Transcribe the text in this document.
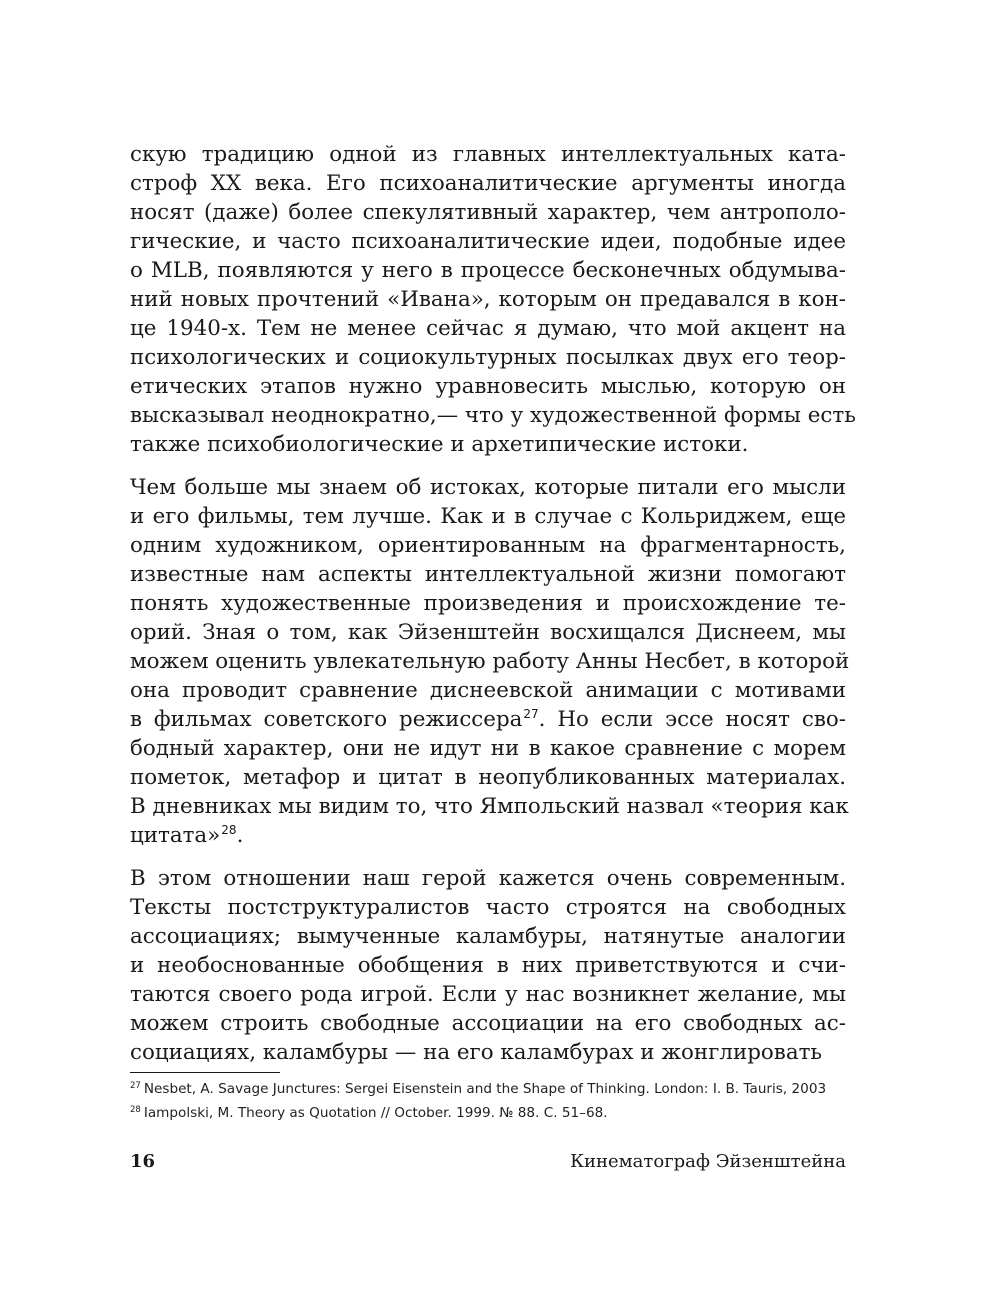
скую традицию одной из главных интеллектуальных ката-
строф XX века. Его психоаналитические аргументы иногда
носят (даже) более спекулятивный характер, чем антрополо-
гические, и часто психоаналитические идеи, подобные идее
о MLB, появляются у него в процессе бесконечных обдумыва-
ний новых прочтений «Ивана», которым он предавался в кон-
це 1940-х. Тем не менее сейчас я думаю, что мой акцент на
психологических и социокультурных посылках двух его теор-
етических этапов нужно уравновесить мыслью, которую он
высказывал неоднократно,— что у художественной формы есть
также психобиологические и архетипические истоки.
Чем больше мы знаем об истоках, которые питали его мысли
и его фильмы, тем лучше. Как и в случае с Кольриджем, еще
одним художником, ориентированным на фрагментарность,
известные нам аспекты интеллектуальной жизни помогают
понять художественные произведения и происхождение те-
орий. Зная о том, как Эйзенштейн восхищался Диснеем, мы
можем оценить увлекательную работу Анны Несбет, в которой
она проводит сравнение диснеевской анимации с мотивами
в фильмах советского режиссера$^{27}$. Но если эссе носят сво-
бодный характер, они не идут ни в какое сравнение с морем
пометок, метафор и цитат в неопубликованных материалах.
В дневниках мы видим то, что Ямпольский назвал «теория как
цитата»$^{28}$.
В этом отношении наш герой кажется очень современным.
Тексты постструктуралистов часто строятся на свободных
ассоциациях; вымученные каламбуры, натянутые аналогии
и необоснованные обобщения в них приветствуются и счи-
таются своего рода игрой. Если у нас возникнет желание, мы
можем строить свободные ассоциации на его свободных ас-
социациях, каламбуры — на его каламбурах и жонглировать
$^{27}$ Nesbet, A. Savage Junctures: Sergei Eisenstein and the Shape of Thinking. London: I. B. Tauris, 2003
$^{28}$ Iampolski, M. Theory as Quotation // October. 1999. № 88. С. 51–68.
16	Кинематограф Эйзенштейна
